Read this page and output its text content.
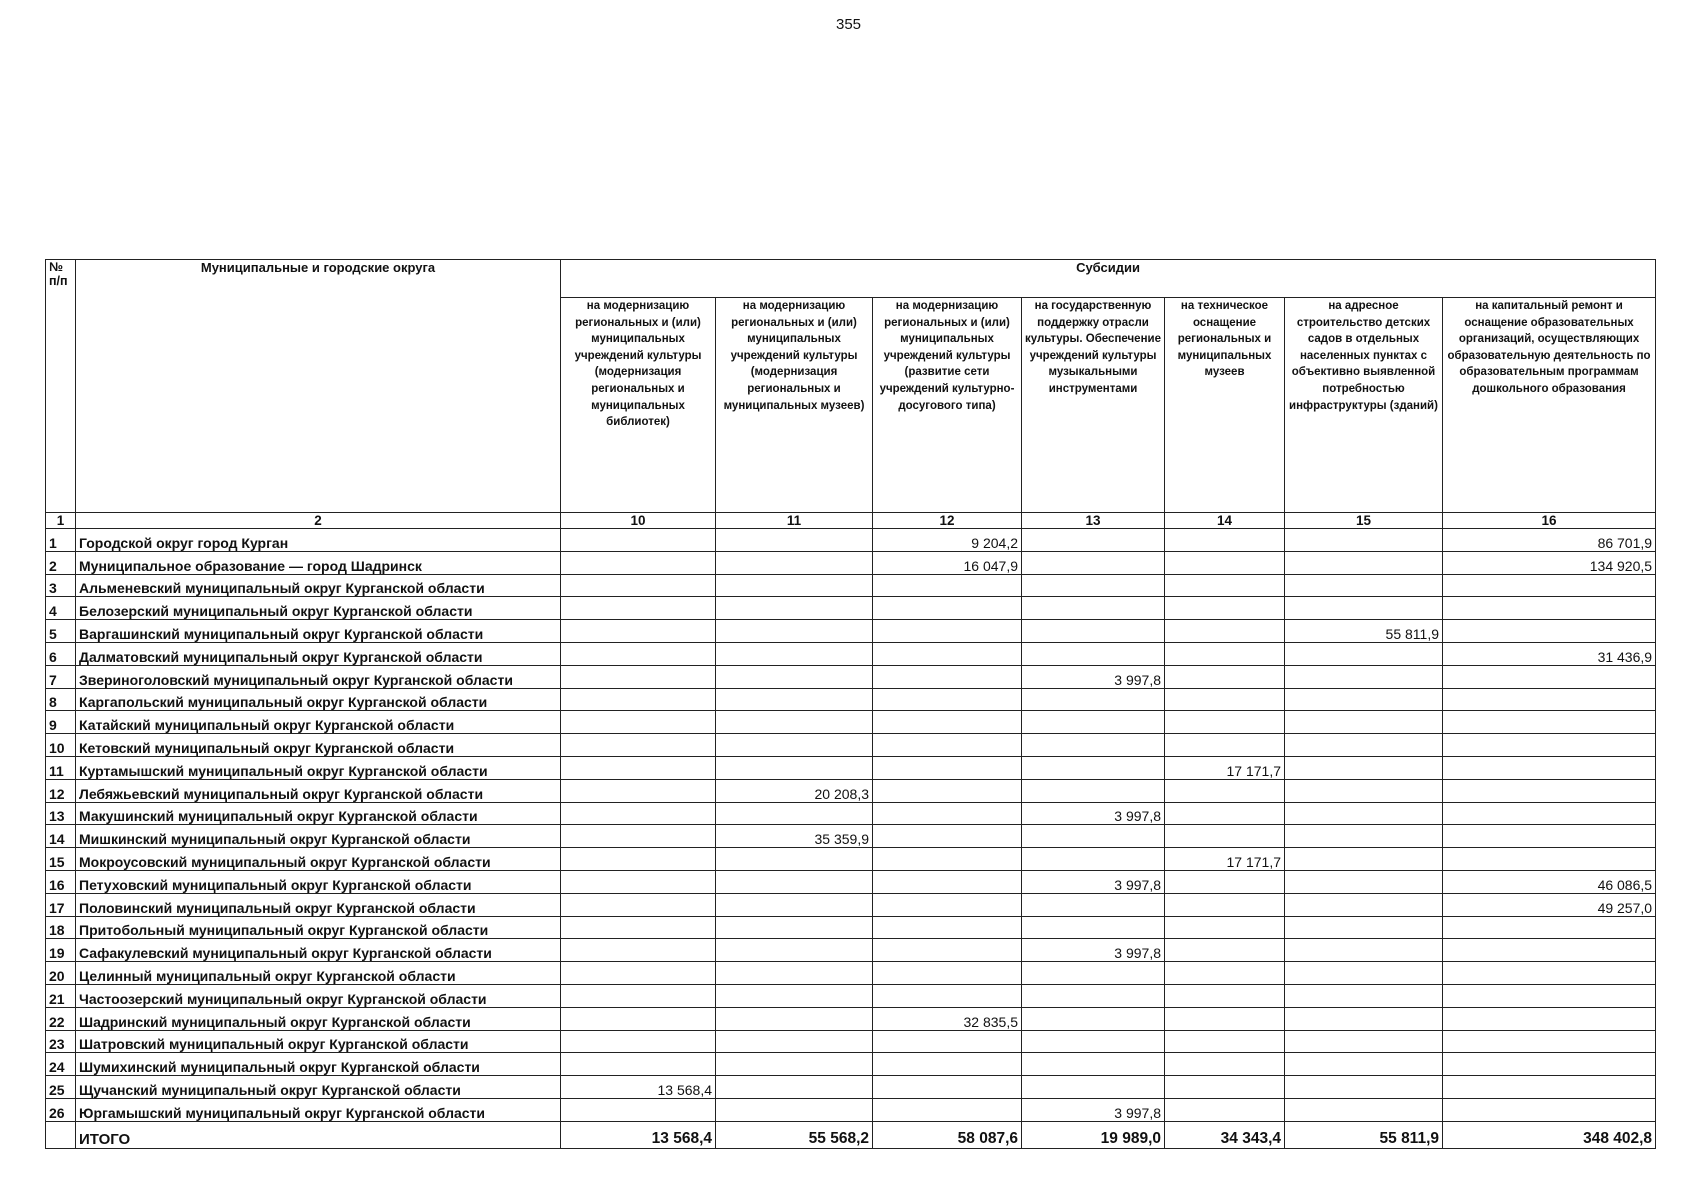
355
№ п/п	Муниципальные и городские округа	Субсидии						
		на модернизацию региональных и (или) муниципальных учреждений культуры (модернизация региональных и муниципальных библиотек)	на модернизацию региональных и (или) муниципальных учреждений культуры (модернизация региональных и муниципальных музеев)	на модернизацию региональных и (или) муниципальных учреждений культуры (развитие сети учреждений культурно-досугового типа)	на государственную поддержку отрасли культуры. Обеспечение учреждений культуры музыкальными инструментами	на техническое оснащение региональных и муниципальных музеев	на адресное строительство детских садов в отдельных населенных пунктах с объективно выявленной потребностью инфраструктуры (зданий)	на капитальный ремонт и оснащение образовательных организаций, осуществляющих образовательную деятельность по образовательным программам дошкольного образования
1	2	10	11	12	13	14	15	16
1	Городской округ город Курган			9 204,2				86 701,9
2	Муниципальное образование — город Шадринск			16 047,9				134 920,5
3	Альменевский муниципальный округ Курганской области							
4	Белозерский муниципальный округ Курганской области							
5	Варгашинский муниципальный округ Курганской области						55 811,9	
6	Далматовский муниципальный округ Курганской области							31 436,9
7	Звериноголовский муниципальный округ Курганской области				3 997,8			
8	Каргапольский муниципальный округ Курганской области							
9	Катайский муниципальный округ Курганской области							
10	Кетовский муниципальный округ Курганской области							
11	Куртамышский муниципальный округ Курганской области					17 171,7		
12	Лебяжьевский муниципальный округ Курганской области		20 208,3					
13	Макушинский муниципальный округ Курганской области				3 997,8			
14	Мишкинский муниципальный округ Курганской области		35 359,9					
15	Мокроусовский муниципальный округ Курганской области					17 171,7		
16	Петуховский муниципальный округ Курганской области				3 997,8			46 086,5
17	Половинский муниципальный округ Курганской области							49 257,0
18	Притобольный муниципальный округ Курганской области							
19	Сафакулевский муниципальный округ Курганской области				3 997,8			
20	Целинный муниципальный округ Курганской области							
21	Частоозерский муниципальный округ Курганской области							
22	Шадринский муниципальный округ Курганской области			32 835,5				
23	Шатровский муниципальный округ Курганской области							
24	Шумихинский муниципальный округ Курганской области							
25	Щучанский муниципальный округ Курганской области	13 568,4						
26	Юргамышский муниципальный округ Курганской области				3 997,8			
	ИТОГО	13 568,4	55 568,2	58 087,6	19 989,0	34 343,4	55 811,9	348 402,8
